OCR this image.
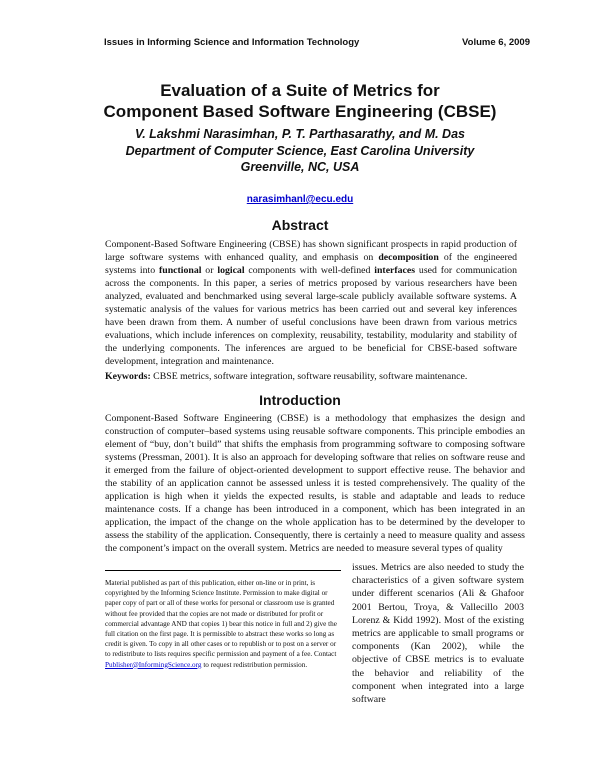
Issues in Informing Science and Information Technology	Volume 6, 2009
Evaluation of a Suite of Metrics for
Component Based Software Engineering (CBSE)
V. Lakshmi Narasimhan, P. T. Parthasarathy, and M. Das
Department of Computer Science, East Carolina University
Greenville, NC, USA
narasimhanl@ecu.edu
Abstract
Component-Based Software Engineering (CBSE) has shown significant prospects in rapid production of large software systems with enhanced quality, and emphasis on decomposition of the engineered systems into functional or logical components with well-defined interfaces used for communication across the components. In this paper, a series of metrics proposed by various researchers have been analyzed, evaluated and benchmarked using several large-scale publicly available software systems. A systematic analysis of the values for various metrics has been carried out and several key inferences have been drawn from them. A number of useful conclusions have been drawn from various metrics evaluations, which include inferences on complexity, reusability, testability, modularity and stability of the underlying components. The inferences are argued to be beneficial for CBSE-based software development, integration and maintenance.
Keywords: CBSE metrics, software integration, software reusability, software maintenance.
Introduction
Component-Based Software Engineering (CBSE) is a methodology that emphasizes the design and construction of computer–based systems using reusable software components. This principle embodies an element of “buy, don’t build” that shifts the emphasis from programming software to composing software systems (Pressman, 2001). It is also an approach for developing software that relies on software reuse and it emerged from the failure of object-oriented development to support effective reuse. The behavior and the stability of an application cannot be assessed unless it is tested comprehensively. The quality of the application is high when it yields the expected results, is stable and adaptable and leads to reduce maintenance costs. If a change has been introduced in a component, which has been integrated in an application, the impact of the change on the whole application has to be determined by the developer to assess the stability of the application. Consequently, there is certainly a need to measure quality and assess the component’s impact on the overall system. Metrics are needed to measure several types of quality
issues. Metrics are also needed to study the characteristics of a given software system under different scenarios (Ali & Ghafoor 2001 Bertou, Troya, & Vallecillo 2003 Lorenz & Kidd 1992). Most of the existing metrics are applicable to small programs or components (Kan 2002), while the objective of CBSE metrics is to evaluate the behavior and reliability of the component when integrated into a large software
Material published as part of this publication, either on-line or in print, is copyrighted by the Informing Science Institute. Permission to make digital or paper copy of part or all of these works for personal or classroom use is granted without fee provided that the copies are not made or distributed for profit or commercial advantage AND that copies 1) bear this notice in full and 2) give the full citation on the first page. It is permissible to abstract these works so long as credit is given. To copy in all other cases or to republish or to post on a server or to redistribute to lists requires specific permission and payment of a fee. Contact Publisher@InformingScience.org to request redistribution permission.
